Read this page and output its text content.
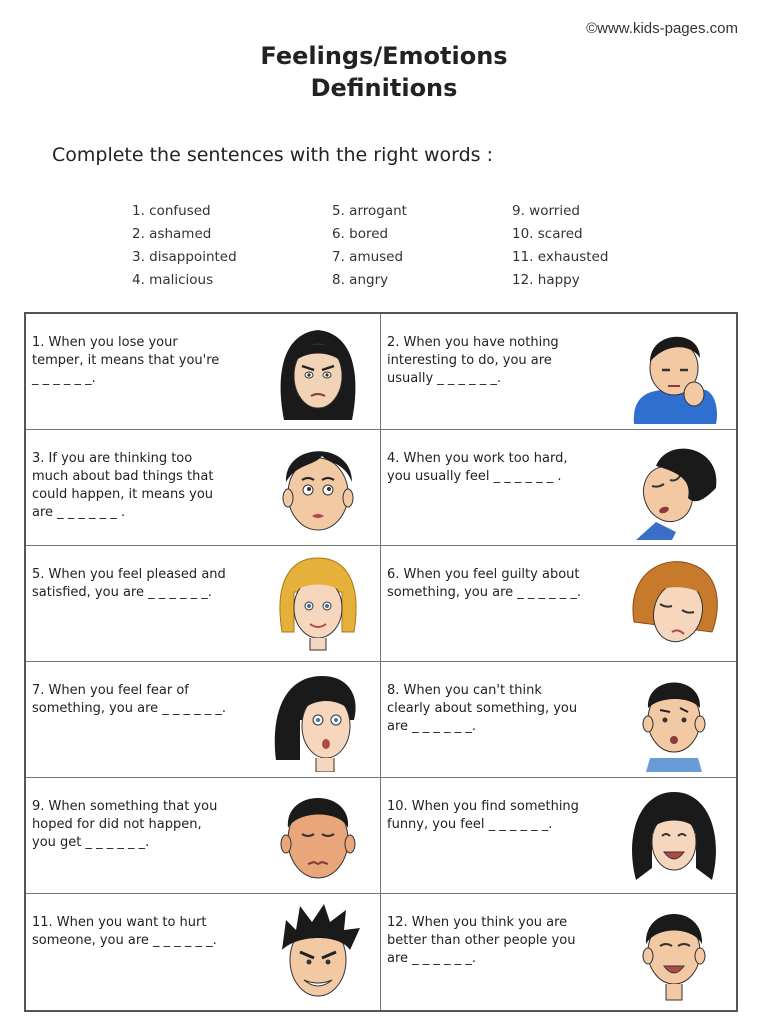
©www.kids-pages.com
Feelings/Emotions
Definitions
Complete the sentences with the right words :
1. confused
2. ashamed
3. disappointed
4. malicious
5. arrogant
6. bored
7. amused
8. angry
9. worried
10. scared
11. exhausted
12. happy
1. When you lose your temper, it means that you're _ _ _ _ _ _.
2. When you have nothing interesting to do, you are usually _ _ _ _ _ _.
3. If you are thinking too much about bad things that could happen, it means you are _ _ _ _ _ _ .
4. When you work too hard, you usually feel _ _ _ _ _ _ .
5. When you feel pleased and satisfied, you are _ _ _ _ _ _.
6. When you feel guilty about something, you are _ _ _ _ _ _.
7. When you feel fear of something, you are _ _ _ _ _ _.
8. When you can't think clearly about something, you are _ _ _ _ _ _.
9. When something that you hoped for did not happen, you get _ _ _ _ _ _.
10. When you find something funny, you feel _ _ _ _ _ _.
11. When you want to hurt someone, you are _ _ _ _ _ _.
12. When you think you are better than other people you are _ _ _ _ _ _.
